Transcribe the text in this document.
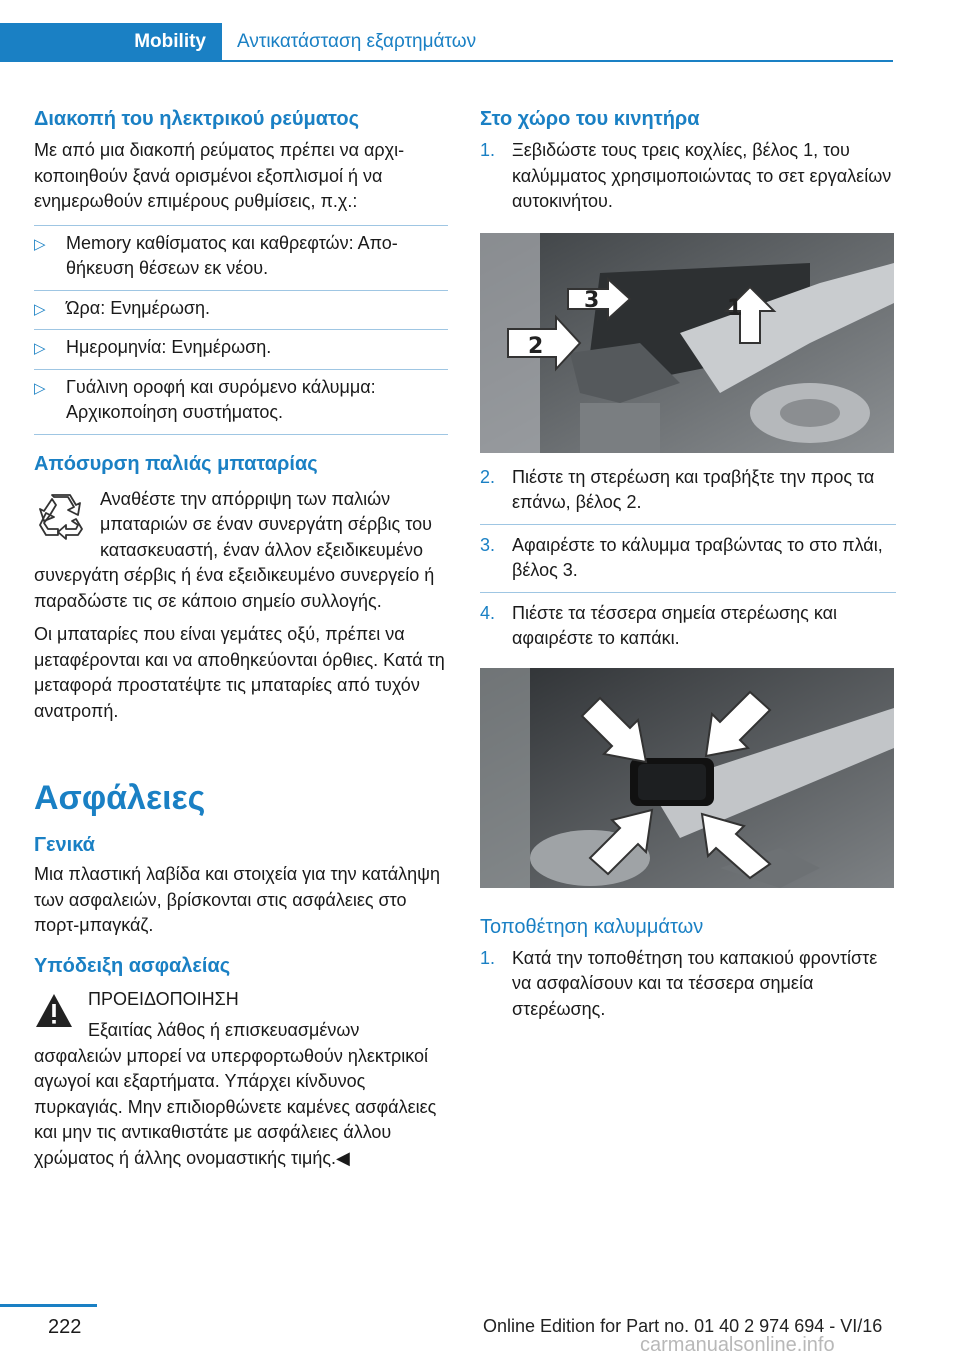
Mobility	Αντικατάσταση εξαρτημάτων
Διακοπή του ηλεκτρικού ρεύματος
Με από μια διακοπή ρεύματος πρέπει να αρχικοποιηθούν ξανά ορισμένοι εξοπλισμοί ή να ενημερωθούν επιμέρους ρυθμίσεις, π.χ.:
▷ Memory καθίσματος και καθρεφτών: Αποθήκευση θέσεων εκ νέου.
▷ Ώρα: Ενημέρωση.
▷ Ημερομηνία: Ενημέρωση.
▷ Γυάλινη οροφή και συρόμενο κάλυμμα: Αρχικοποίηση συστήματος.
Απόσυρση παλιάς μπαταρίας
Αναθέστε την απόρριψη των παλιών μπαταριών σε έναν συνεργάτη σέρβις του κατασκευαστή, έναν άλλον εξειδικευμένο συνεργάτη σέρβις ή ένα εξειδικευμένο συνεργείο ή παραδώστε τις σε κάποιο σημείο συλλογής.
Οι μπαταρίες που είναι γεμάτες οξύ, πρέπει να μεταφέρονται και να αποθηκεύονται όρθιες. Κατά τη μεταφορά προστατέψτε τις μπαταρίες από τυχόν ανατροπή.
Ασφάλειες
Γενικά
Μια πλαστική λαβίδα και στοιχεία για την κατάληψη των ασφαλειών, βρίσκονται στις ασφάλειες στο πορτ-μπαγκάζ.
Υπόδειξη ασφαλείας
ΠΡΟΕΙΔΟΠΟΙΗΣΗ
Εξαιτίας λάθος ή επισκευασμένων ασφαλειών μπορεί να υπερφορτωθούν ηλεκτρικοί αγωγοί και εξαρτήματα. Υπάρχει κίνδυνος πυρκαγιάς. Μην επιδιορθώνετε καμένες ασφάλειες και μην τις αντικαθιστάτε με ασφάλειες άλλου χρώματος ή άλλης ονομαστικής τιμής.◀
Στο χώρο του κινητήρα
1. Ξεβιδώστε τους τρεις κοχλίες, βέλος 1, του καλύμματος χρησιμοποιώντας το σετ εργαλείων αυτοκινήτου.
3	1
2
2. Πιέστε τη στερέωση και τραβήξτε την προς τα επάνω, βέλος 2.
3. Αφαιρέστε το κάλυμμα τραβώντας το στο πλάι, βέλος 3.
4. Πιέστε τα τέσσερα σημεία στερέωσης και αφαιρέστε το καπάκι.
Τοποθέτηση καλυμμάτων
1. Κατά την τοποθέτηση του καπακιού φροντίστε να ασφαλίσουν και τα τέσσερα σημεία στερέωσης.
222	Online Edition for Part no. 01 40 2 974 694 - VI/16
carmanualsonline.info
